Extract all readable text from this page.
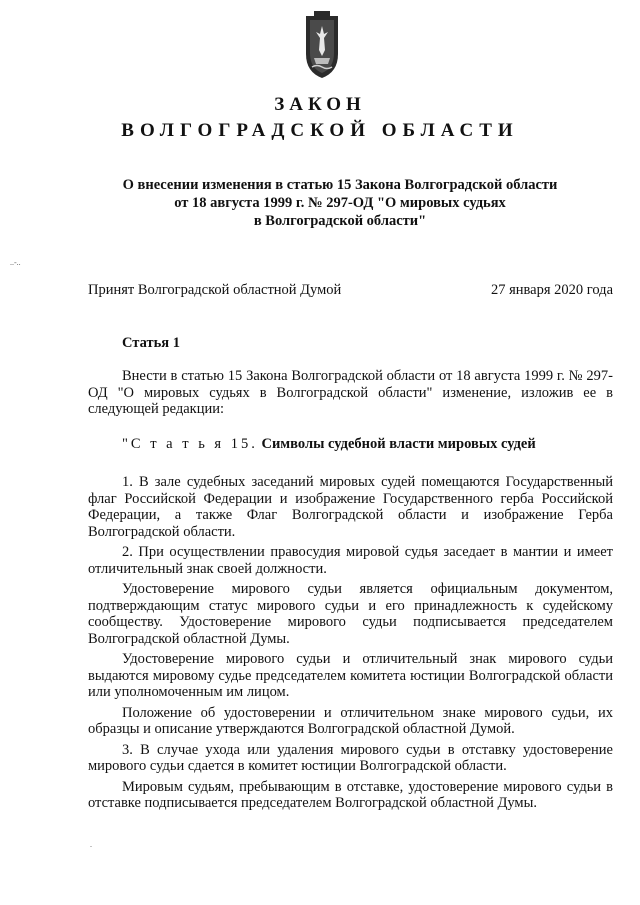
ЗАКОН
ВОЛГОГРАДСКОЙ ОБЛАСТИ
О внесении изменения в статью 15 Закона Волгоградской области
от 18 августа 1999 г. № 297-ОД "О мировых судьях
в Волгоградской области"
..-..
Принят Волгоградской областной Думой	27 января 2020 года
Статья 1

Внести в статью 15 Закона Волгоградской области от 18 августа 1999 г. № 297-ОД "О мировых судьях в Волгоградской области" изменение, изложив ее в следующей редакции:

"С т а т ь я 15. Символы судебной власти мировых судей

1. В зале судебных заседаний мировых судей помещаются Государственный флаг Российской Федерации и изображение Государственного герба Российской Федерации, а также Флаг Волгоградской области и изображение Герба Волгоградской области.

2. При осуществлении правосудия мировой судья заседает в мантии и имеет отличительный знак своей должности.

Удостоверение мирового судьи является официальным документом, подтверждающим статус мирового судьи и его принадлежность к судейскому сообществу. Удостоверение мирового судьи подписывается председателем Волгоградской областной Думы.

Удостоверение мирового судьи и отличительный знак мирового судьи выдаются мировому судье председателем комитета юстиции Волгоградской области или уполномоченным им лицом.

Положение об удостоверении и отличительном знаке мирового судьи, их образцы и описание утверждаются Волгоградской областной Думой.

3. В случае ухода или удаления мирового судьи в отставку удостоверение мирового судьи сдается в комитет юстиции Волгоградской области.

Мировым судьям, пребывающим в отставке, удостоверение мирового судьи в отставке подписывается председателем Волгоградской областной Думы.

.
